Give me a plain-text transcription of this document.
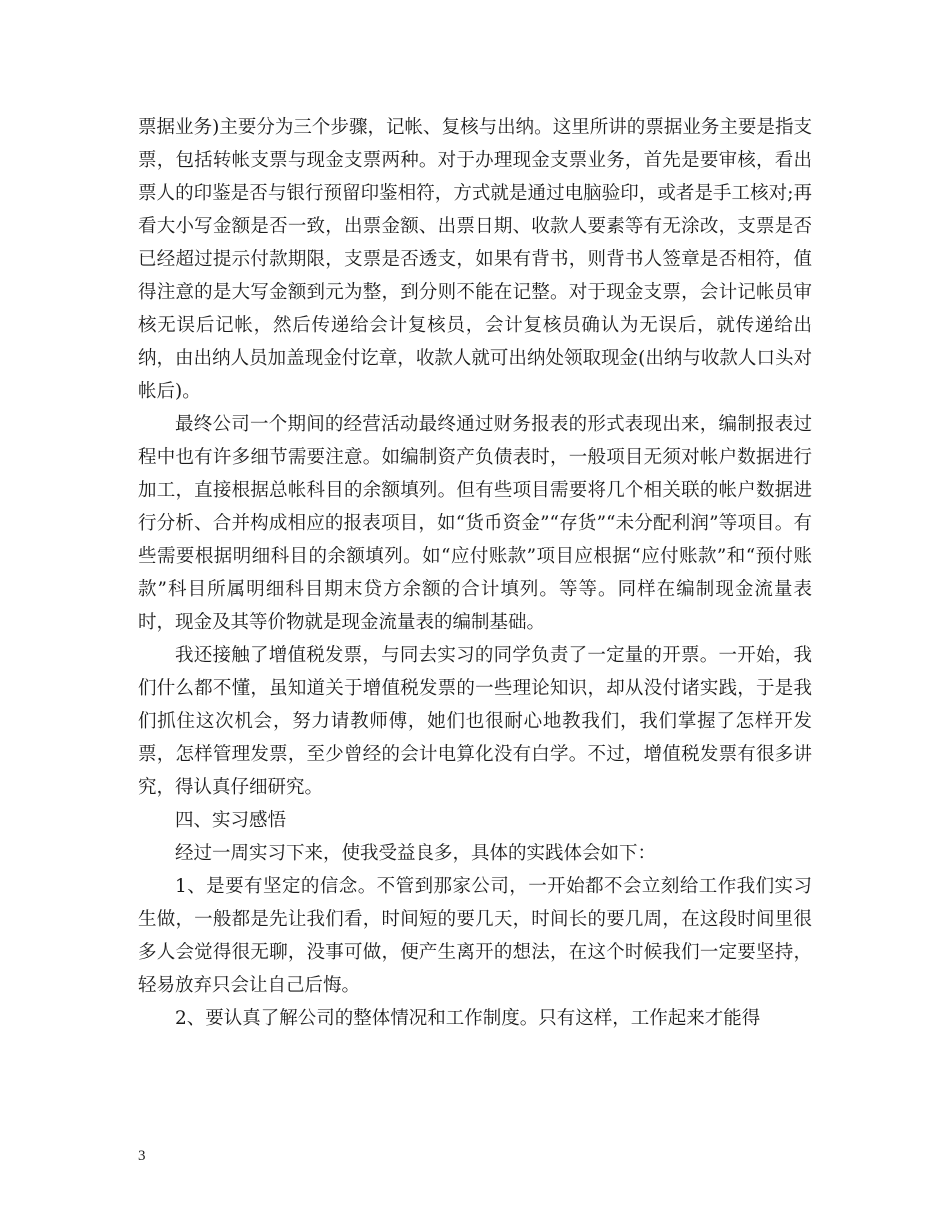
票据业务)主要分为三个步骤，记帐、复核与出纳。这里所讲的票据业务主要是指支票，包括转帐支票与现金支票两种。对于办理现金支票业务，首先是要审核，看出票人的印鉴是否与银行预留印鉴相符，方式就是通过电脑验印，或者是手工核对;再看大小写金额是否一致，出票金额、出票日期、收款人要素等有无涂改，支票是否已经超过提示付款期限，支票是否透支，如果有背书，则背书人签章是否相符，值得注意的是大写金额到元为整，到分则不能在记整。对于现金支票，会计记帐员审核无误后记帐，然后传递给会计复核员，会计复核员确认为无误后，就传递给出纳，由出纳人员加盖现金付讫章，收款人就可出纳处领取现金(出纳与收款人口头对帐后)。

最终公司一个期间的经营活动最终通过财务报表的形式表现出来，编制报表过程中也有许多细节需要注意。如编制资产负债表时，一般项目无须对帐户数据进行加工，直接根据总帐科目的余额填列。但有些项目需要将几个相关联的帐户数据进行分析、合并构成相应的报表项目，如“货币资金”“存货”“未分配利润”等项目。有些需要根据明细科目的余额填列。如“应付账款”项目应根据“应付账款”和“预付账款”科目所属明细科目期末贷方余额的合计填列。等等。同样在编制现金流量表时，现金及其等价物就是现金流量表的编制基础。

我还接触了增值税发票，与同去实习的同学负责了一定量的开票。一开始，我们什么都不懂，虽知道关于增值税发票的一些理论知识，却从没付诸实践，于是我们抓住这次机会，努力请教师傅，她们也很耐心地教我们，我们掌握了怎样开发票，怎样管理发票，至少曾经的会计电算化没有白学。不过，增值税发票有很多讲究，得认真仔细研究。

四、实习感悟

经过一周实习下来，使我受益良多，具体的实践体会如下：

1、是要有坚定的信念。不管到那家公司，一开始都不会立刻给工作我们实习生做，一般都是先让我们看，时间短的要几天，时间长的要几周，在这段时间里很多人会觉得很无聊，没事可做，便产生离开的想法，在这个时候我们一定要坚持，轻易放弃只会让自己后悔。

2、要认真了解公司的整体情况和工作制度。只有这样，工作起来才能得

3
